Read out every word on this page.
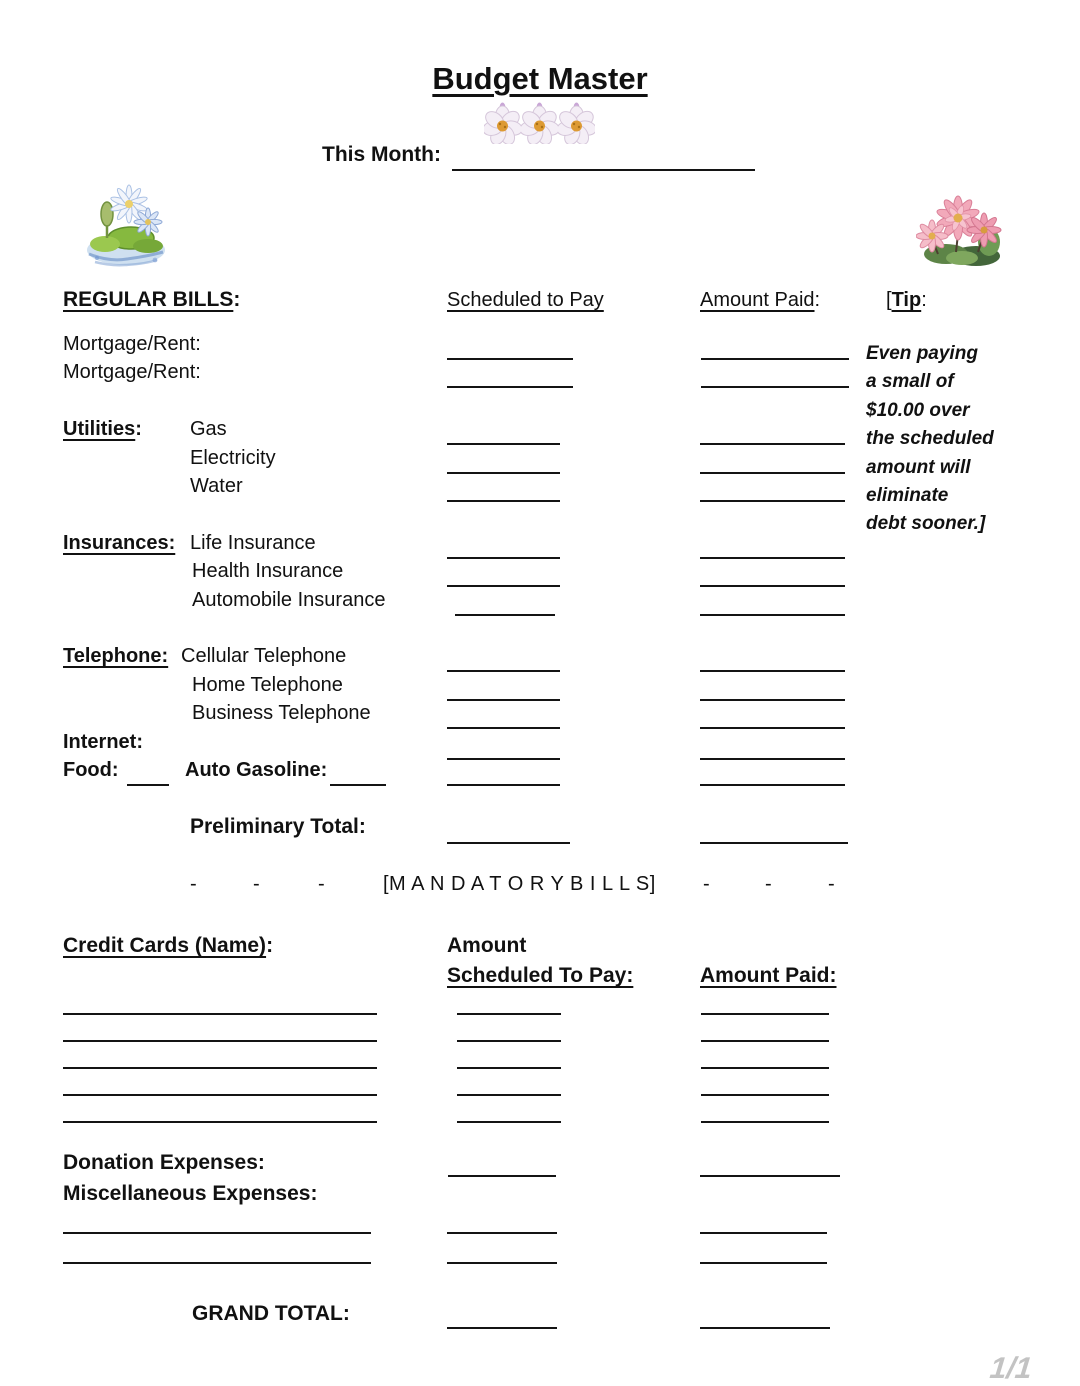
Budget Master
This Month:
REGULAR BILLS:	Scheduled to Pay	Amount Paid:	[Tip:
Even paying
a small of
$10.00 over
the scheduled
amount will
eliminate
debt sooner.]
Mortgage/Rent:
Mortgage/Rent:
Utilities: Gas
Electricity
Water
Insurances: Life Insurance
Health Insurance
Automobile Insurance
Telephone: Cellular Telephone
Home Telephone
Business Telephone
Internet:
Food:	Auto Gasoline:
Preliminary Total:
-	-	-	[M A N D A T O R Y B I L L S] -	-	-
Credit Cards (Name):	Amount
Scheduled To Pay:	Amount Paid:
Donation Expenses:
Miscellaneous Expenses:
GRAND TOTAL:
1/1
